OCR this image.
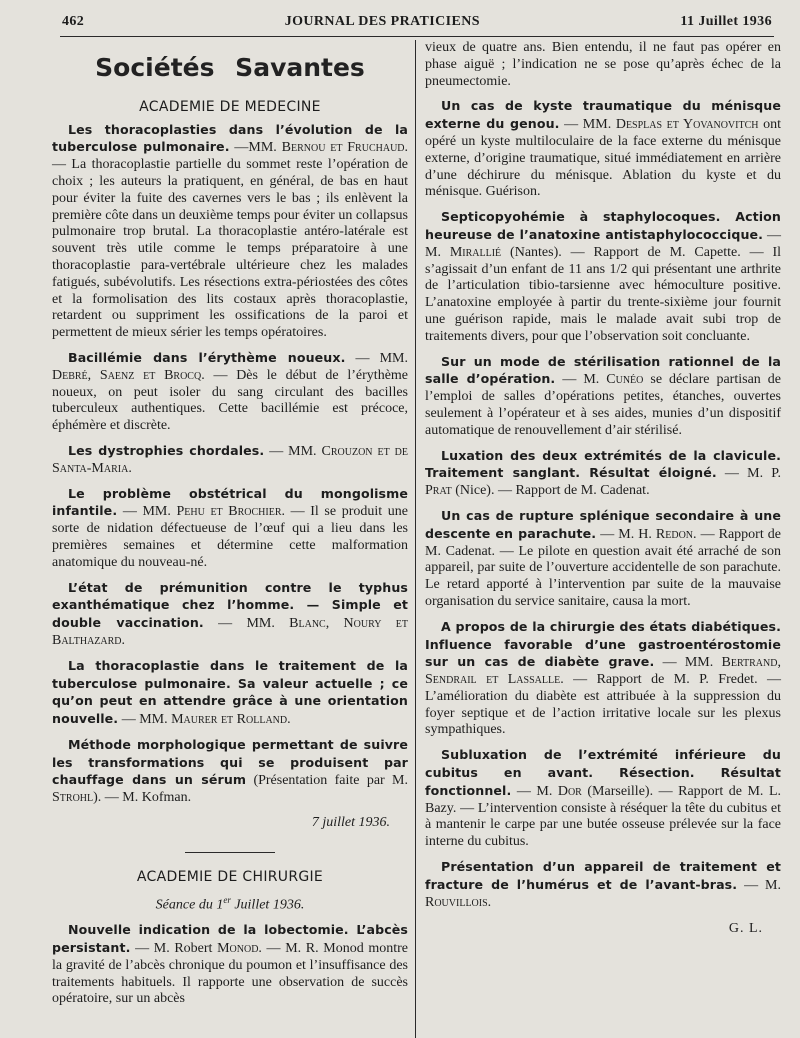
462	JOURNAL DES PRATICIENS	11 Juillet 1936
Sociétés Savantes
ACADEMIE DE MEDECINE

Les thoracoplasties dans l’évolution de la tuberculose pulmonaire. —MM. Bernou et Fruchaud. — La thoracoplastie partielle du sommet reste l’opération de choix ; les auteurs la pratiquent, en général, de bas en haut pour éviter la fuite des cavernes vers le bas ; ils enlèvent la première côte dans un deuxième temps pour éviter un collapsus pulmonaire trop brutal. La thoracoplastie antéro-latérale est souvent très utile comme le temps préparatoire à une thoracoplastie para-vertébrale ultérieure chez les malades fatigués, subévolutifs. Les résections extra-périostées des côtes et la formolisation des lits costaux après thoracoplastie, retardent ou suppriment les ossifications de la paroi et permettent de mieux sérier les temps opératoires.

Bacillémie dans l’érythème noueux. — MM. Debré, Saenz et Brocq. — Dès le début de l’érythème noueux, on peut isoler du sang circulant des bacilles tuberculeux authentiques. Cette bacillémie est précoce, éphémère et discrète.

Les dystrophies chordales. — MM. Crouzon et de Santa-Maria.

Le problème obstétrical du mongolisme infantile. — MM. Pehu et Brochier. — Il se produit une sorte de nidation défectueuse de l’œuf qui a lieu dans les premières semaines et détermine cette malformation anatomique du nouveau-né.

L’état de prémunition contre le typhus exanthématique chez l’homme. — Simple et double vaccination. — MM. Blanc, Noury et Balthazard.

La thoracoplastie dans le traitement de la tuberculose pulmonaire. Sa valeur actuelle ; ce qu’on peut en attendre grâce à une orientation nouvelle. — MM. Maurer et Rolland.

Méthode morphologique permettant de suivre les transformations qui se produisent par chauffage dans un sérum (Présentation faite par M. Strohl). — M. Kofman.

7 juillet 1936.
ACADEMIE DE CHIRURGIE
Séance du 1er Juillet 1936.

Nouvelle indication de la lobectomie. L’abcès persistant. — M. Robert Monod. — M. R. Monod montre la gravité de l’abcès chronique du poumon et l’insuffisance des traitements habituels. Il rapporte une observation de succès opératoire, sur un abcès

vieux de quatre ans. Bien entendu, il ne faut pas opérer en phase aiguë ; l’indication ne se pose qu’après échec de la pneumectomie.

Un cas de kyste traumatique du ménisque externe du genou. — MM. Desplas et Yovanovitch ont opéré un kyste multiloculaire de la face externe du ménisque externe, d’origine traumatique, situé immédiatement en arrière d’une déchirure du ménisque. Ablation du kyste et du ménisque. Guérison.

Septicopyohémie à staphylocoques. Action heureuse de l’anatoxine antistaphylococcique. — M. Mirallié (Nantes). — Rapport de M. Capette. — Il s’agissait d’un enfant de 11 ans 1/2 qui présentant une arthrite de l’articulation tibio-tarsienne avec hémoculture positive. L’anatoxine employée à partir du trente-sixième jour fournit une guérison rapide, mais le malade avait subi trop de traitements divers, pour que l’observation soit concluante.

Sur un mode de stérilisation rationnel de la salle d’opération. — M. Cunéo se déclare partisan de l’emploi de salles d’opérations petites, étanches, ouvertes seulement à l’opérateur et à ses aides, munies d’un dispositif automatique de renouvellement d’air stérilisé.

Luxation des deux extrémités de la clavicule. Traitement sanglant. Résultat éloigné. — M. P. Prat (Nice). — Rapport de M. Cadenat.

Un cas de rupture splénique secondaire à une descente en parachute. — M. H. Redon. — Rapport de M. Cadenat. — Le pilote en question avait été arraché de son appareil, par suite de l’ouverture accidentelle de son parachute. Le retard apporté à l’intervention par suite de la mauvaise organisation du service sanitaire, causa la mort.

A propos de la chirurgie des états diabétiques. Influence favorable d’une gastroentérostomie sur un cas de diabète grave. — MM. Bertrand, Sendrail et Lassalle. — Rapport de M. P. Fredet. — L’amélioration du diabète est attribuée à la suppression du foyer septique et de l’action irritative locale sur les plexus sympathiques.

Subluxation de l’extrémité inférieure du cubitus en avant. Résection. Résultat fonctionnel. — M. Dor (Marseille). — Rapport de M. L. Bazy. — L’intervention consiste à réséquer la tête du cubitus et à mantenir le carpe par une butée osseuse prélevée sur la face interne du cubitus.

Présentation d’un appareil de traitement et fracture de l’humérus et de l’avant-bras. — M. Rouvillois.

G. L.
